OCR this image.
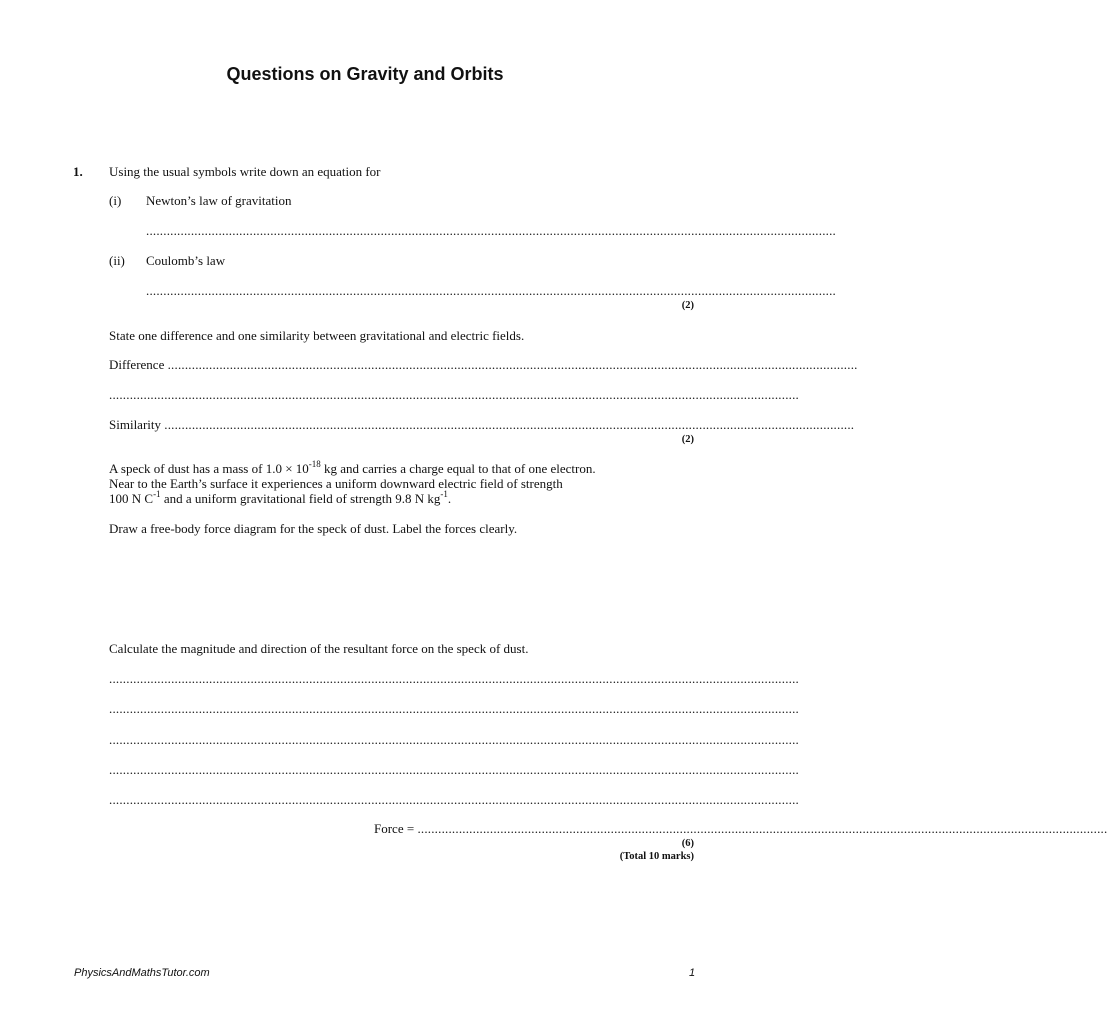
Questions on Gravity and Orbits
1. Using the usual symbols write down an equation for
(i) Newton’s law of gravitation
........................................................................................................................................................................................................
(ii) Coulomb’s law
........................................................................................................................................................................................................
(2)
State one difference and one similarity between gravitational and electric fields.
Difference ........................................................................................................................................................................................................
........................................................................................................................................................................................................
Similarity ........................................................................................................................................................................................................
(2)
A speck of dust has a mass of $1.0 \times 10^{-18}$ kg and carries a charge equal to that of one electron.
Near to the Earth’s surface it experiences a uniform downward electric field of strength
100 N $C^{-1}$ and a uniform gravitational field of strength 9.8 N $kg^{-1}$.
Draw a free-body force diagram for the speck of dust. Label the forces clearly.
Calculate the magnitude and direction of the resultant force on the speck of dust.
........................................................................................................................................................................................................
........................................................................................................................................................................................................
........................................................................................................................................................................................................
........................................................................................................................................................................................................
........................................................................................................................................................................................................
Force = ........................................................................................................................................................................................................
(6)
(Total 10 marks)
PhysicsAndMathsTutor.com	1
